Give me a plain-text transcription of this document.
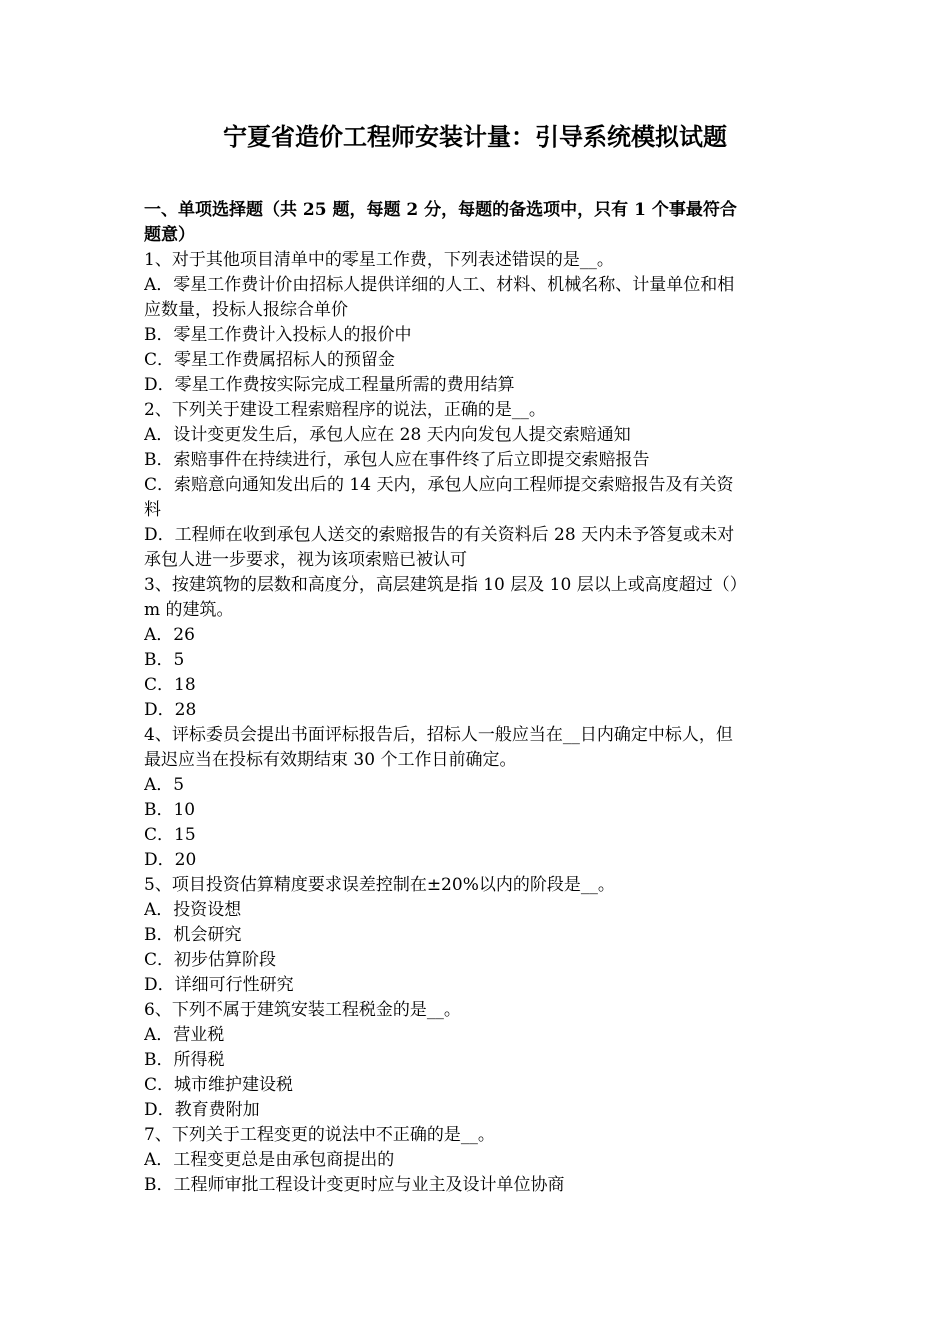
宁夏省造价工程师安装计量：引导系统模拟试题
一、单项选择题（共 25 题，每题 2 分，每题的备选项中，只有 1 个事最符合
题意）
1、对于其他项目清单中的零星工作费，下列表述错误的是__。
A．零星工作费计价由招标人提供详细的人工、材料、机械名称、计量单位和相
应数量，投标人报综合单价
B．零星工作费计入投标人的报价中
C．零星工作费属招标人的预留金
D．零星工作费按实际完成工程量所需的费用结算
2、下列关于建设工程索赔程序的说法，正确的是__。
A．设计变更发生后，承包人应在 28 天内向发包人提交索赔通知
B．索赔事件在持续进行，承包人应在事件终了后立即提交索赔报告
C．索赔意向通知发出后的 14 天内，承包人应向工程师提交索赔报告及有关资
料
D．工程师在收到承包人送交的索赔报告的有关资料后 28 天内未予答复或未对
承包人进一步要求，视为该项索赔已被认可
3、按建筑物的层数和高度分，高层建筑是指 10 层及 10 层以上或高度超过（）
m 的建筑。
A．26
B．5
C．18
D．28
4、评标委员会提出书面评标报告后，招标人一般应当在__日内确定中标人，但
最迟应当在投标有效期结束 30 个工作日前确定。
A．5
B．10
C．15
D．20
5、项目投资估算精度要求误差控制在±20%以内的阶段是__。
A．投资设想
B．机会研究
C．初步估算阶段
D．详细可行性研究
6、下列不属于建筑安装工程税金的是__。
A．营业税
B．所得税
C．城市维护建设税
D．教育费附加
7、下列关于工程变更的说法中不正确的是__。
A．工程变更总是由承包商提出的
B．工程师审批工程设计变更时应与业主及设计单位协商
